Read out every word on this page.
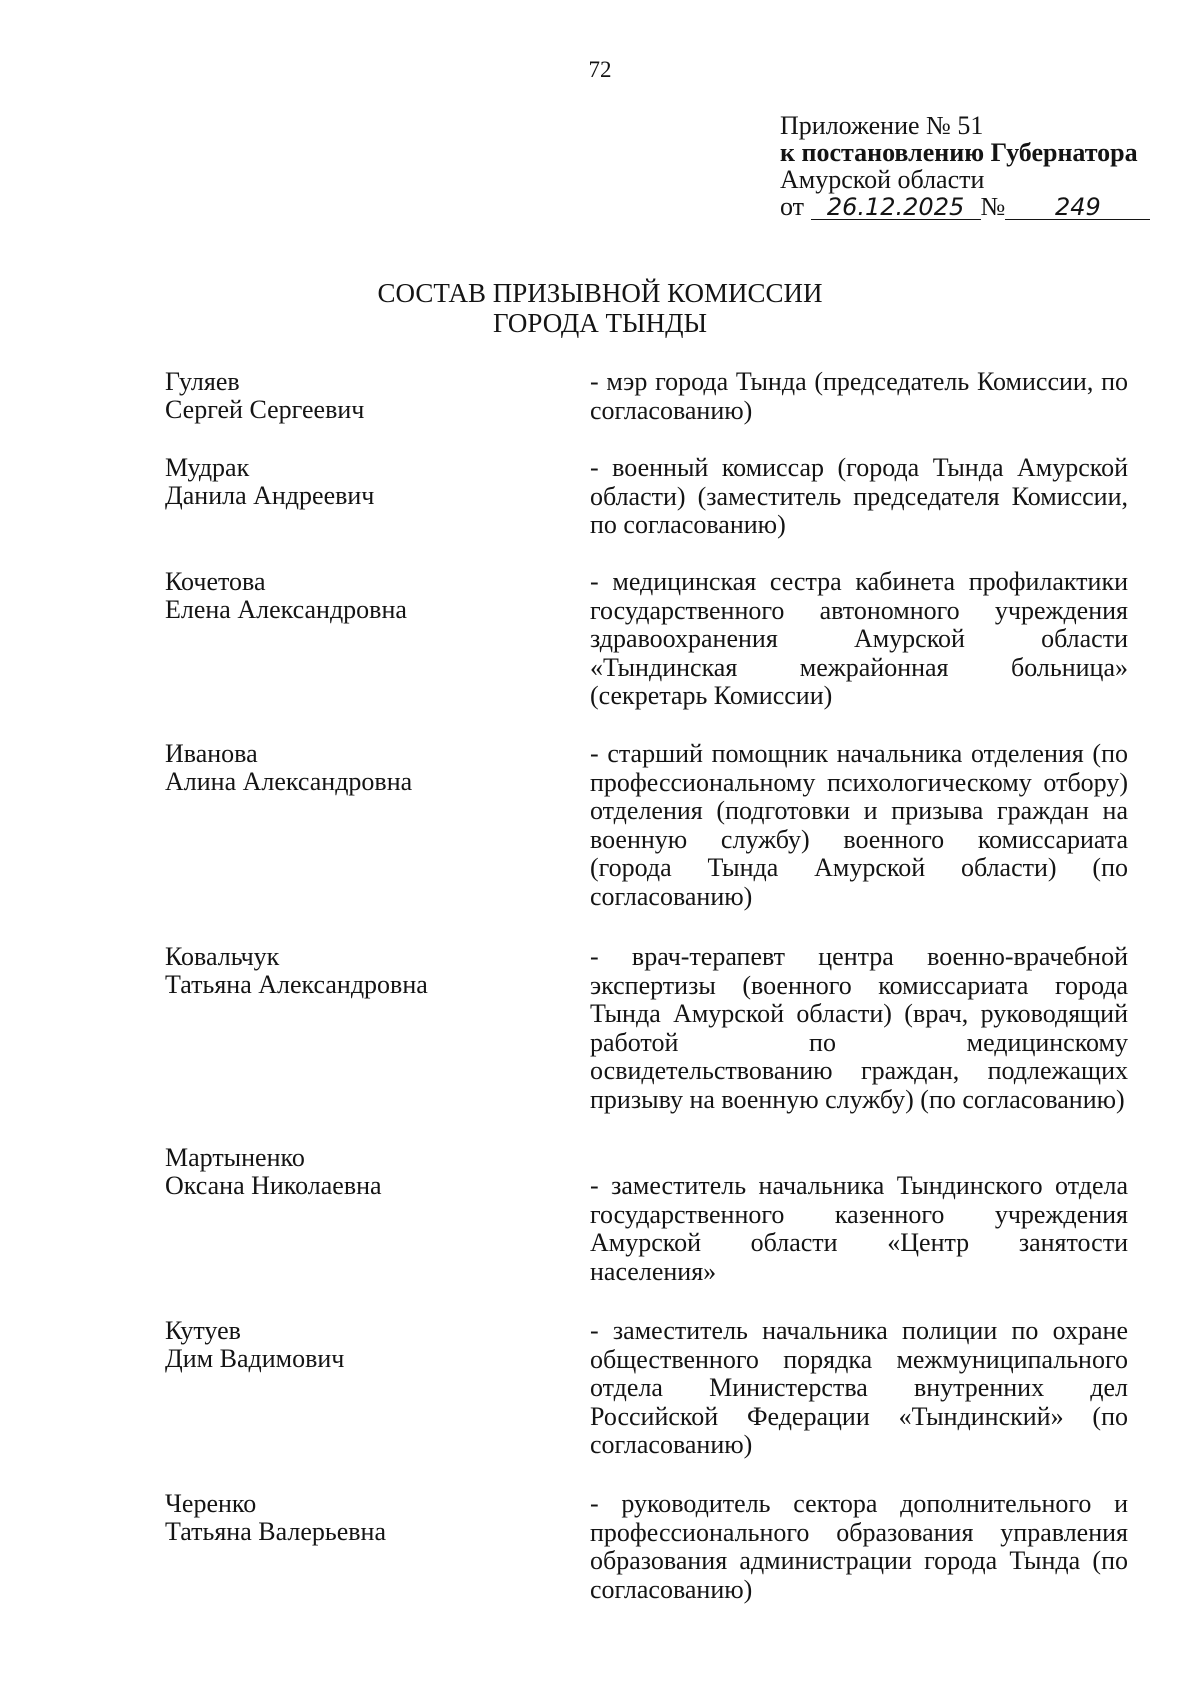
72
Приложение № 51
к постановлению Губернатора
Амурской области
от 26.12.2025 № 249
СОСТАВ ПРИЗЫВНОЙ КОМИССИИ
ГОРОДА ТЫНДЫ
Гуляев
Сергей Сергеевич
- мэр города Тында (председатель Комиссии, по согласованию)
Мудрак
Данила Андреевич
- военный комиссар (города Тында Амурской области) (заместитель председателя Комиссии, по согласованию)
Кочетова
Елена Александровна
- медицинская сестра кабинета профилактики государственного автономного учреждения здравоохранения Амурской области «Тындинская межрайонная больница» (секретарь Комиссии)
Иванова
Алина Александровна
- старший помощник начальника отделения (по профессиональному психологическому отбору) отделения (подготовки и призыва граждан на военную службу) военного комиссариата (города Тында Амурской области) (по согласованию)
Ковальчук
Татьяна Александровна
- врач-терапевт центра военно-врачебной экспертизы (военного комиссариата города Тында Амурской области) (врач, руководящий работой по медицинскому освидетельствованию граждан, подлежащих призыву на военную службу) (по согласованию)
Мартыненко
Оксана Николаевна	- заместитель начальника Тындинского отдела государственного казенного учреждения Амурской области «Центр занятости населения»
Кутуев
Дим Вадимович
- заместитель начальника полиции по охране общественного порядка межмуниципального отдела Министерства внутренних дел Российской Федерации «Тындинский» (по согласованию)
Черенко
Татьяна Валерьевна
- руководитель сектора дополнительного и профессионального образования управления образования администрации города Тында (по согласованию)
